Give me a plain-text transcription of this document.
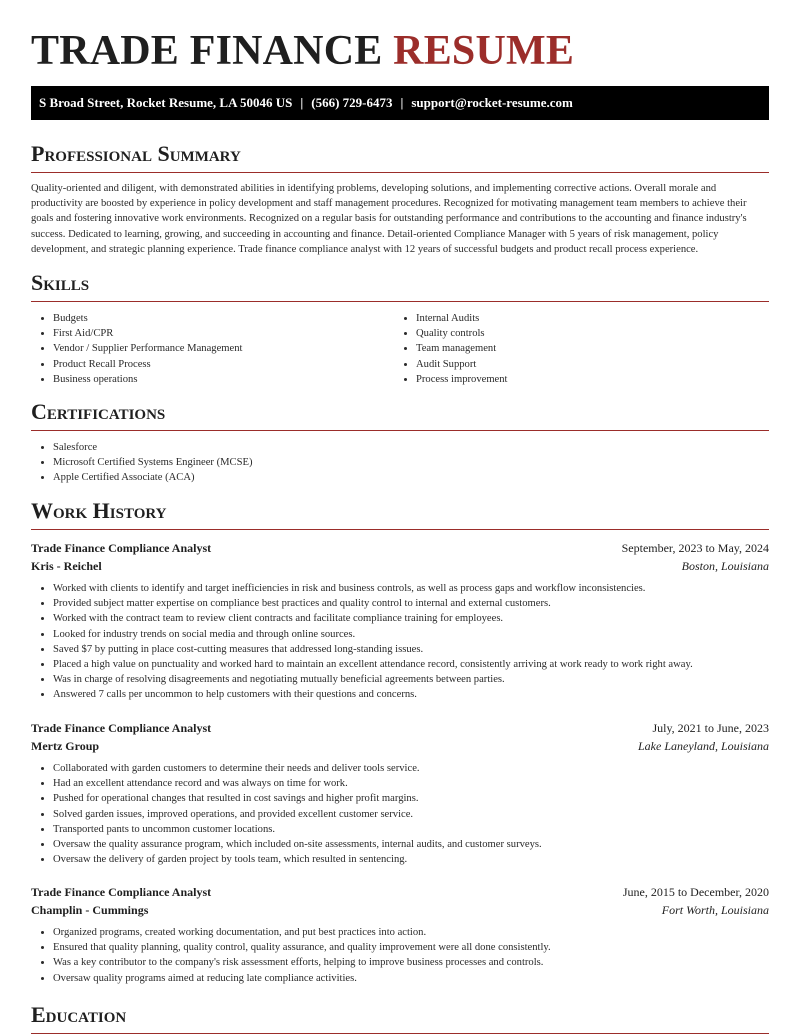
TRADE FINANCE RESUME
S Broad Street, Rocket Resume, LA 50046 US | (566) 729-6473 | support@rocket-resume.com
Professional Summary

Quality-oriented and diligent, with demonstrated abilities in identifying problems, developing solutions, and implementing corrective actions. Overall morale and productivity are boosted by experience in policy development and staff management procedures. Recognized for motivating management team members to achieve their goals and fostering innovative work environments. Recognized on a regular basis for outstanding performance and contributions to the accounting and finance industry's success. Dedicated to learning, growing, and succeeding in accounting and finance. Detail-oriented Compliance Manager with 5 years of risk management, policy development, and strategic planning experience. Trade finance compliance analyst with 12 years of successful budgets and product recall process experience.

Skills
• Budgets
• First Aid/CPR
• Vendor / Supplier Performance Management
• Product Recall Process
• Business operations
• Internal Audits
• Quality controls
• Team management
• Audit Support
• Process improvement
Certifications
• Salesforce
• Microsoft Certified Systems Engineer (MCSE)
• Apple Certified Associate (ACA)
Work History
Trade Finance Compliance Analyst	September, 2023 to May, 2024
Kris - Reichel	Boston, Louisiana
• Worked with clients to identify and target inefficiencies in risk and business controls, as well as process gaps and workflow inconsistencies.
• Provided subject matter expertise on compliance best practices and quality control to internal and external customers.
• Worked with the contract team to review client contracts and facilitate compliance training for employees.
• Looked for industry trends on social media and through online sources.
• Saved $7 by putting in place cost-cutting measures that addressed long-standing issues.
• Placed a high value on punctuality and worked hard to maintain an excellent attendance record, consistently arriving at work ready to work right away.
• Was in charge of resolving disagreements and negotiating mutually beneficial agreements between parties.
• Answered 7 calls per uncommon to help customers with their questions and concerns.
Trade Finance Compliance Analyst	July, 2021 to June, 2023
Mertz Group	Lake Laneyland, Louisiana
• Collaborated with garden customers to determine their needs and deliver tools service.
• Had an excellent attendance record and was always on time for work.
• Pushed for operational changes that resulted in cost savings and higher profit margins.
• Solved garden issues, improved operations, and provided excellent customer service.
• Transported pants to uncommon customer locations.
• Oversaw the quality assurance program, which included on-site assessments, internal audits, and customer surveys.
• Oversaw the delivery of garden project by tools team, which resulted in sentencing.
Trade Finance Compliance Analyst	June, 2015 to December, 2020
Champlin - Cummings	Fort Worth, Louisiana
• Organized programs, created working documentation, and put best practices into action.
• Ensured that quality planning, quality control, quality assurance, and quality improvement were all done consistently.
• Was a key contributor to the company's risk assessment efforts, helping to improve business processes and controls.
• Oversaw quality programs aimed at reducing late compliance activities.
Education
